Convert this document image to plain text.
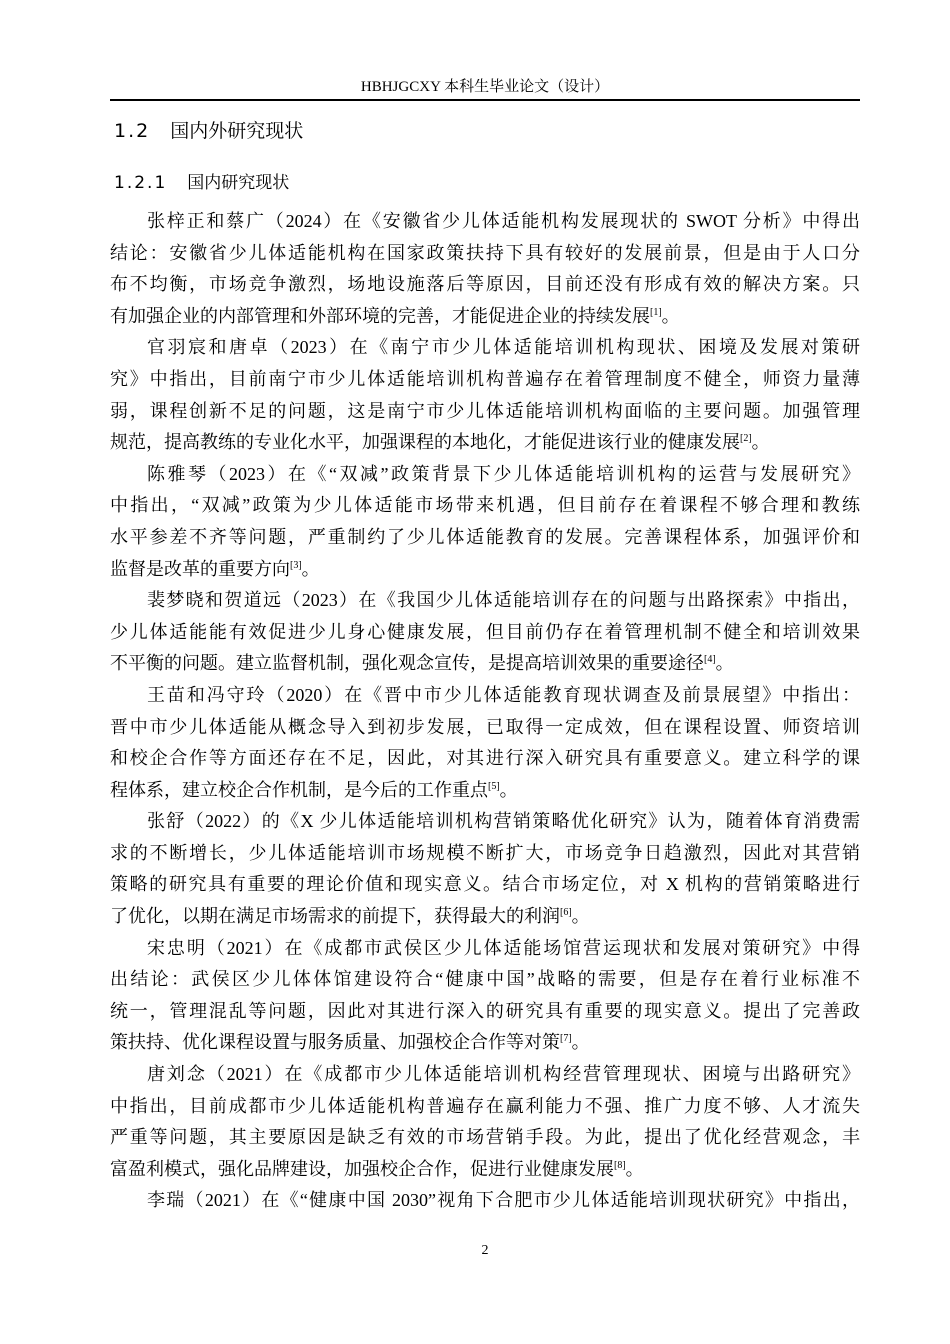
HBHJGCXY 本科生毕业论文（设计）
1.2 国内外研究现状
1.2.1 国内研究现状
张梓正和蔡广（2024）在《安徽省少儿体适能机构发展现状的 SWOT 分析》中得出
结论：安徽省少儿体适能机构在国家政策扶持下具有较好的发展前景，但是由于人口分
布不均衡，市场竞争激烈，场地设施落后等原因，目前还没有形成有效的解决方案。只
有加强企业的内部管理和外部环境的完善，才能促进企业的持续发展[1]。
官羽宸和唐卓（2023）在《南宁市少儿体适能培训机构现状、困境及发展对策研
究》中指出，目前南宁市少儿体适能培训机构普遍存在着管理制度不健全，师资力量薄
弱，课程创新不足的问题，这是南宁市少儿体适能培训机构面临的主要问题。加强管理
规范，提高教练的专业化水平，加强课程的本地化，才能促进该行业的健康发展[2]。
陈雅琴（2023）在《“双减”政策背景下少儿体适能培训机构的运营与发展研究》
中指出，“双减”政策为少儿体适能市场带来机遇，但目前存在着课程不够合理和教练
水平参差不齐等问题，严重制约了少儿体适能教育的发展。完善课程体系，加强评价和
监督是改革的重要方向[3]。
裴梦晓和贺道远（2023）在《我国少儿体适能培训存在的问题与出路探索》中指出，
少儿体适能能有效促进少儿身心健康发展，但目前仍存在着管理机制不健全和培训效果
不平衡的问题。建立监督机制，强化观念宣传，是提高培训效果的重要途径[4]。
王苗和冯守玲（2020）在《晋中市少儿体适能教育现状调查及前景展望》中指出：
晋中市少儿体适能从概念导入到初步发展，已取得一定成效，但在课程设置、师资培训
和校企合作等方面还存在不足，因此，对其进行深入研究具有重要意义。建立科学的课
程体系，建立校企合作机制，是今后的工作重点[5]。
张舒（2022）的《X 少儿体适能培训机构营销策略优化研究》认为，随着体育消费需
求的不断增长，少儿体适能培训市场规模不断扩大，市场竞争日趋激烈，因此对其营销
策略的研究具有重要的理论价值和现实意义。结合市场定位，对 X 机构的营销策略进行
了优化，以期在满足市场需求的前提下，获得最大的利润[6]。
宋忠明（2021）在《成都市武侯区少儿体适能场馆营运现状和发展对策研究》中得
出结论：武侯区少儿体体馆建设符合“健康中国”战略的需要，但是存在着行业标准不
统一，管理混乱等问题，因此对其进行深入的研究具有重要的现实意义。提出了完善政
策扶持、优化课程设置与服务质量、加强校企合作等对策[7]。
唐刘念（2021）在《成都市少儿体适能培训机构经营管理现状、困境与出路研究》
中指出，目前成都市少儿体适能机构普遍存在赢利能力不强、推广力度不够、人才流失
严重等问题，其主要原因是缺乏有效的市场营销手段。为此，提出了优化经营观念，丰
富盈利模式，强化品牌建设，加强校企合作，促进行业健康发展[8]。
李瑞（2021）在《“健康中国 2030”视角下合肥市少儿体适能培训现状研究》中指出，
2
